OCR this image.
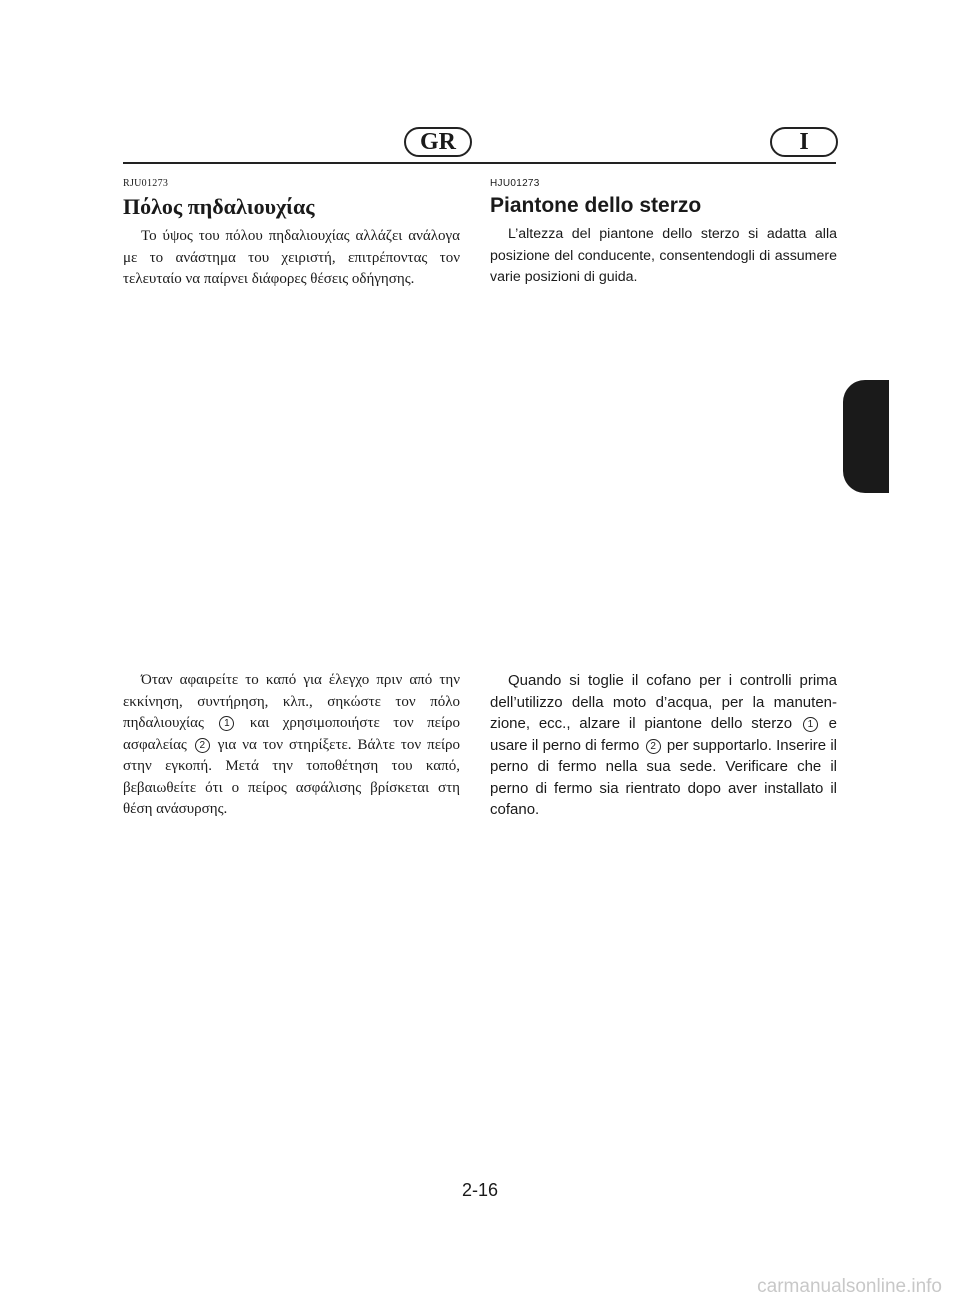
GR	I

RJU01273

Πόλος πηδαλιουχίας

Το ύψος του πόλου πηδαλιουχίας αλλάζει ανάλογα με το ανάστημα του χειριστή, επιτρέποντας τον τελευταίο να παίρνει διάφορες θέσεις οδήγησης.

HJU01273

Piantone dello sterzo

L’altezza del piantone dello sterzo si adatta alla posizione del conducente, consentendogli di assumere varie posizioni di guida.

Όταν αφαιρείτε το καπό για έλεγχο πριν από την εκκίνηση, συντήρηση, κλπ., σηκώστε τον πόλο πηδαλιουχίας 1 και χρησιμοποιήστε τον πείρο ασφαλείας 2 για να τον στηρίξετε. Βάλτε τον πείρο στην εγκοπή. Μετά την τοποθέτηση του καπό, βεβαιωθείτε ότι ο πείρος ασφάλισης βρίσκεται στη θέση ανάσυρσης.

Quando si toglie il cofano per i controlli prima dell’utilizzo della moto d’acqua, per la manuten-zione, ecc., alzare il piantone dello sterzo 1 e usare il perno di fermo 2 per supportarlo. Inserire il perno di fermo nella sua sede. Verificare che il perno di fermo sia rientrato dopo aver installato il cofano.

2-16
carmanualsonline.info
